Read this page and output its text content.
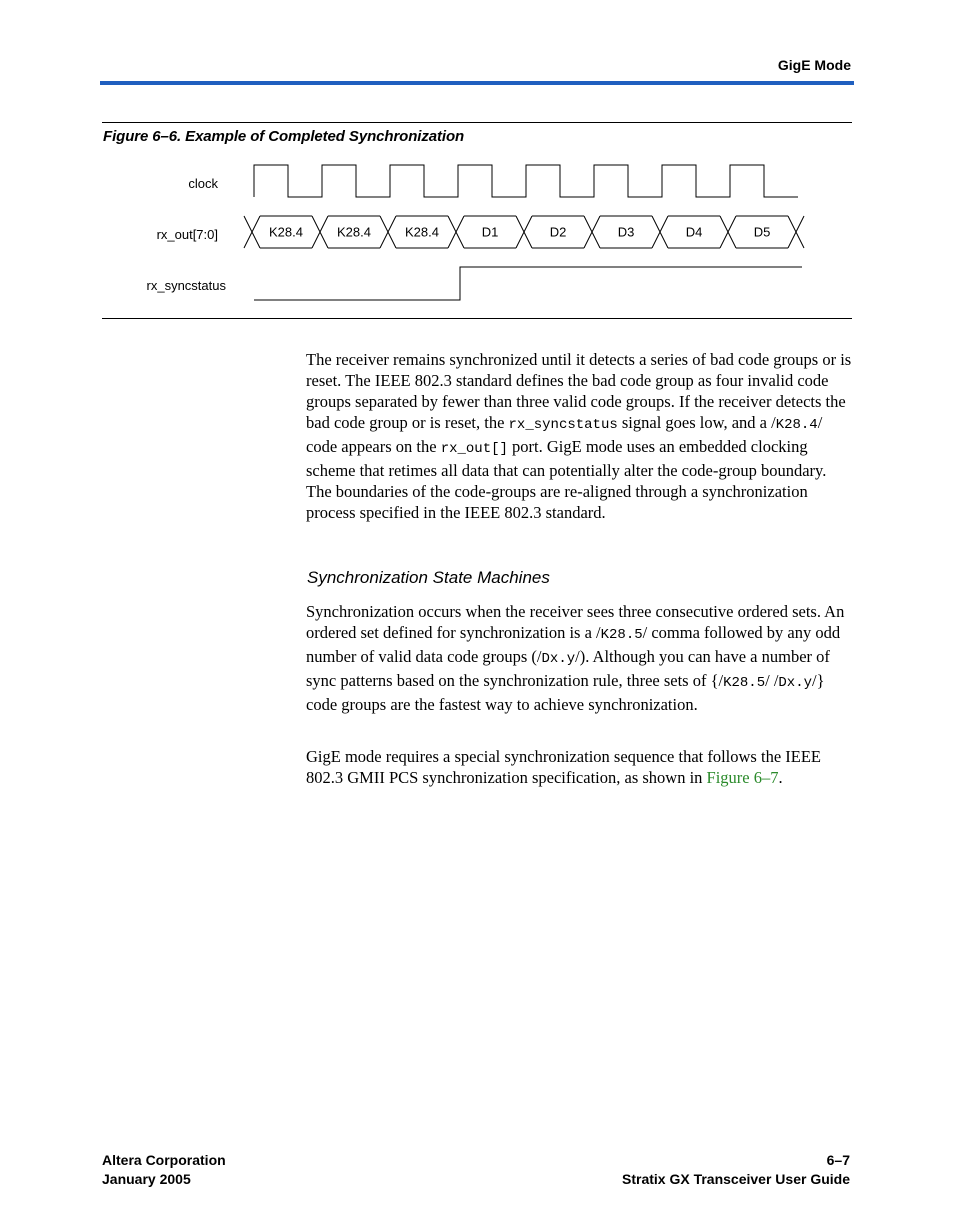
GigE Mode
Figure 6–6. Example of Completed Synchronization
clock
rx_out[7:0]
rx_syncstatus
K28.4	K28.4	K28.4	D1	D2	D3	D4	D5

The receiver remains synchronized until it detects a series of bad code groups or is reset. The IEEE 802.3 standard defines the bad code group as four invalid code groups separated by fewer than three valid code groups. If the receiver detects the bad code group or is reset, the rx_syncstatus signal goes low, and a /K28.4/ code appears on the rx_out[] port. GigE mode uses an embedded clocking scheme that retimes all data that can potentially alter the code-group boundary. The boundaries of the code-groups are re-aligned through a synchronization process specified in the IEEE 802.3 standard.

Synchronization State Machines

Synchronization occurs when the receiver sees three consecutive ordered sets. An ordered set defined for synchronization is a /K28.5/ comma followed by any odd number of valid data code groups (/Dx.y/). Although you can have a number of sync patterns based on the synchronization rule, three sets of {/K28.5/ /Dx.y/} code groups are the fastest way to achieve synchronization.

GigE mode requires a special synchronization sequence that follows the IEEE 802.3 GMII PCS synchronization specification, as shown in Figure 6–7.

Altera Corporation
January 2005
6–7
Stratix GX Transceiver User Guide
